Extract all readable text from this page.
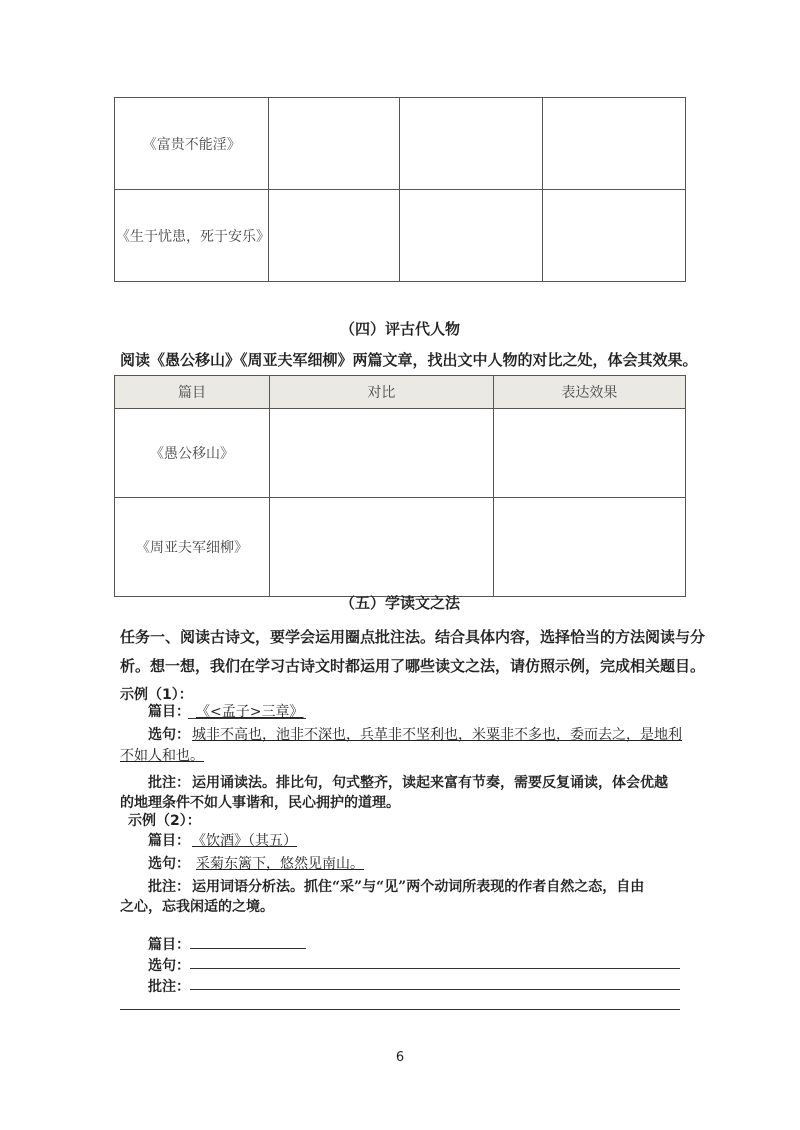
《富贵不能淫》			
《生于忧患，死于安乐》			
（四）评古代人物
阅读《愚公移山》《周亚夫军细柳》两篇文章，找出文中人物的对比之处，体会其效果。
篇目	对比	表达效果
《愚公移山》		
《周亚夫军细柳》		
（五）学读文之法
任务一、阅读古诗文，要学会运用圈点批注法。结合具体内容，选择恰当的方法阅读与分
析。想一想，我们在学习古诗文时都运用了哪些读文之法，请仿照示例，完成相关题目。
示例（1）：
篇目： 《<孟子>三章》
选句： 城非不高也，池非不深也，兵革非不坚利也，米粟非不多也，委而去之，是地利
不如人和也。
批注： 运用诵读法。排比句，句式整齐，读起来富有节奏，需要反复诵读，体会优越
的地理条件不如人事谐和，民心拥护的道理。
示例（2）：
篇目： 《饮酒》（其五）
选句： 采菊东篱下，悠然见南山。
批注： 运用词语分析法。抓住“采”与“见”两个动词所表现的作者自然之态，自由
之心，忘我闲适的之境。
篇目：
选句：
批注：
6
